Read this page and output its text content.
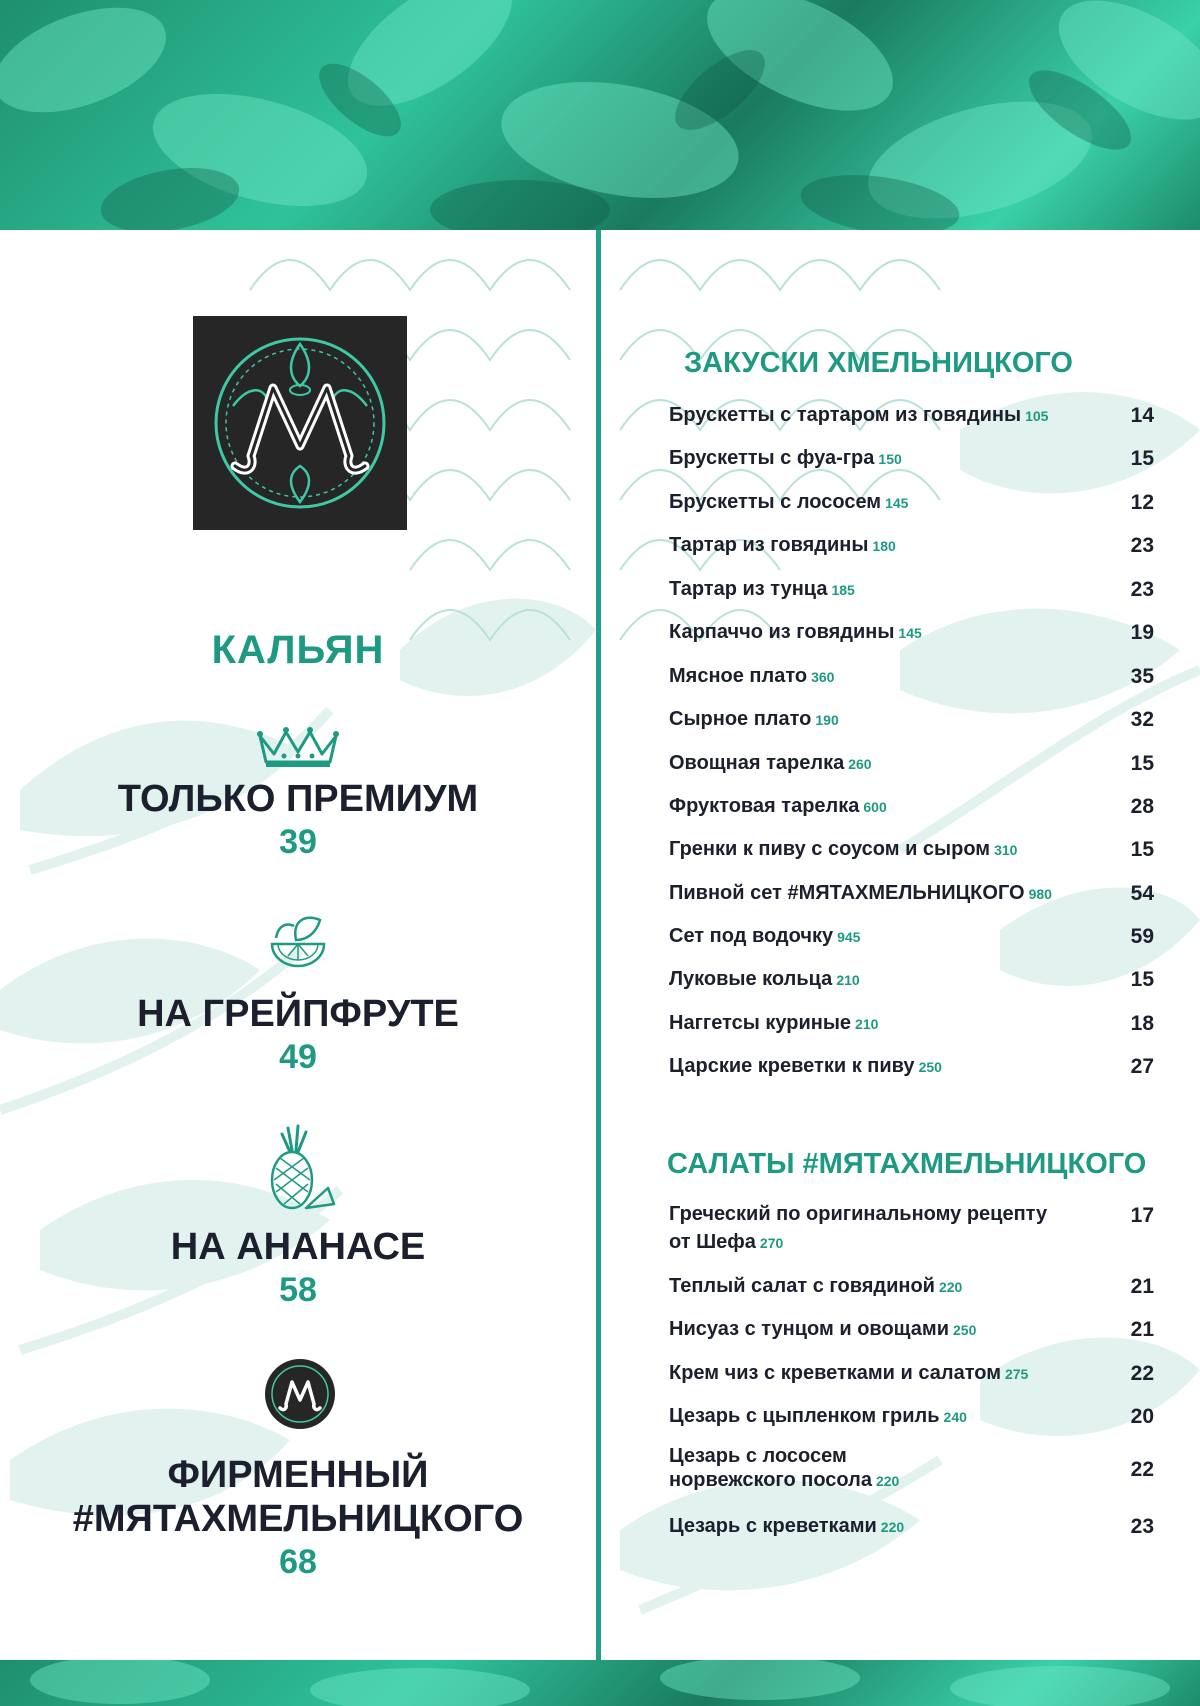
КАЛЬЯН
ТОЛЬКО ПРЕМИУМ
39
НА ГРЕЙПФРУТЕ
49
НА АНАНАСЕ
58
ФИРМЕННЫЙ
#МЯТАХМЕЛЬНИЦКОГО
68
ЗАКУСКИ ХМЕЛЬНИЦКОГО
Брускетты с тартаром из говядины 105	14
Брускетты с фуа-гра 150	15
Брускетты с лососем 145	12
Тартар из говядины 180	23
Тартар из тунца 185	23
Карпаччо из говядины 145	19
Мясное плато 360	35
Сырное плато 190	32
Овощная тарелка 260	15
Фруктовая тарелка 600	28
Гренки к пиву с соусом и сыром 310	15
Пивной сет #МЯТАХМЕЛЬНИЦКОГО 980	54
Сет под водочку 945	59
Луковые кольца 210	15
Наггетсы куриные 210	18
Царские креветки к пиву 250	27
САЛАТЫ #МЯТАХМЕЛЬНИЦКОГО
Греческий по оригинальному рецепту
от Шефа 270
17
Теплый салат с говядиной 220	21
Нисуаз с тунцом и овощами 250	21
Крем чиз с креветками и салатом 275	22
Цезарь с цыпленком гриль 240	20
Цезарь с лососем
норвежского посола 220	22
Цезарь с креветками 220	23
